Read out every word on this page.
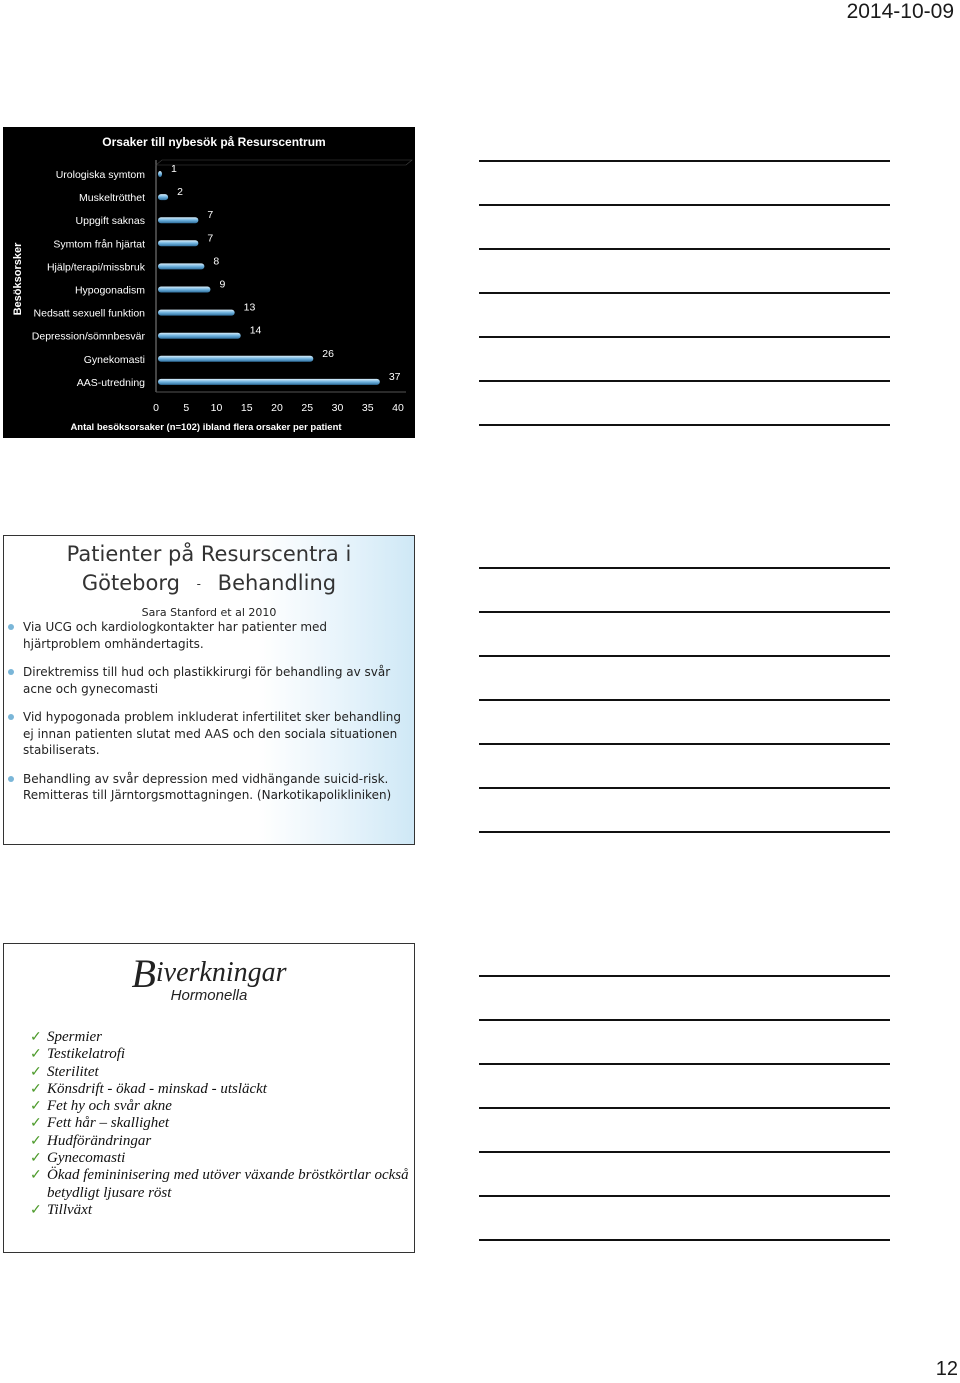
2014-10-09
Orsaker till nybesök på Resurscentrum
Besöksorsker
Antal besöksorsaker (n=102) ibland flera orsaker per patient
Urologiska symtom 1
Muskeltrötthet	2
Uppgift saknas	7
Symtom från hjärtat	7
Hjälp/terapi/missbruk	8
Hypogonadism	9
Nedsatt sexuell funktion	13
Depression/sömnbesvär	14
Gynekomasti	26
AAS-utredning	37
0 5 10 15 20 25 30 35 40
Patienter på Resurscentra i
Göteborg - Behandling
Sara Stanford et al 2010
Via UCG och kardiologkontakter har patienter med hjärtproblem omhändertagits.
Direktremiss till hud och plastikkirurgi för behandling av svår acne och gynecomasti
Vid hypogonada problem inkluderat infertilitet sker behandling ej innan patienten slutat med AAS och den sociala situationen stabiliserats.
Behandling av svår depression med vidhängande suicid-risk. Remitteras till Järntorgsmottagningen. (Narkotikapolikliniken)
Biverkningar
Hormonella
✓ Spermier
✓ Testikelatrofi
✓ Sterilitet
✓ Könsdrift - ökad - minskad - utsläckt
✓ Fet hy och svår akne
✓ Fett hår – skallighet
✓ Hudförändringar
✓ Gynecomasti
✓ Ökad femininisering med utöver växande bröstkörtlar också betydligt ljusare röst
✓ Tillväxt
12
